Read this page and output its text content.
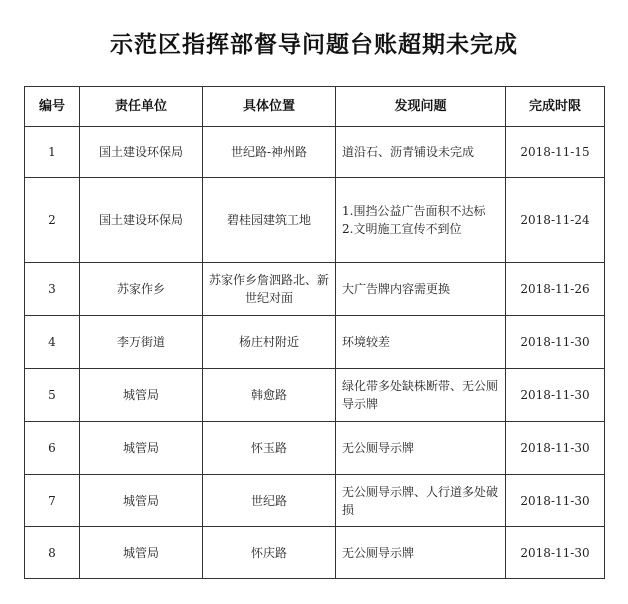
示范区指挥部督导问题台账超期未完成
编号	责任单位	具体位置	发现问题	完成时限
1	国土建设环保局	世纪路-神州路	道沿石、沥青铺设未完成	2018-11-15
2	国土建设环保局	碧桂园建筑工地	1.围挡公益广告面积不达标
2.文明施工宣传不到位	2018-11-24
3	苏家作乡	苏家作乡詹泗路北、新世纪对面	大广告牌内容需更换	2018-11-26
4	李万街道	杨庄村附近	环境较差	2018-11-30
5	城管局	韩愈路	绿化带多处缺株断带、无公厕导示牌	2018-11-30
6	城管局	怀玉路	无公厕导示牌	2018-11-30
7	城管局	世纪路	无公厕导示牌、人行道多处破损	2018-11-30
8	城管局	怀庆路	无公厕导示牌	2018-11-30
